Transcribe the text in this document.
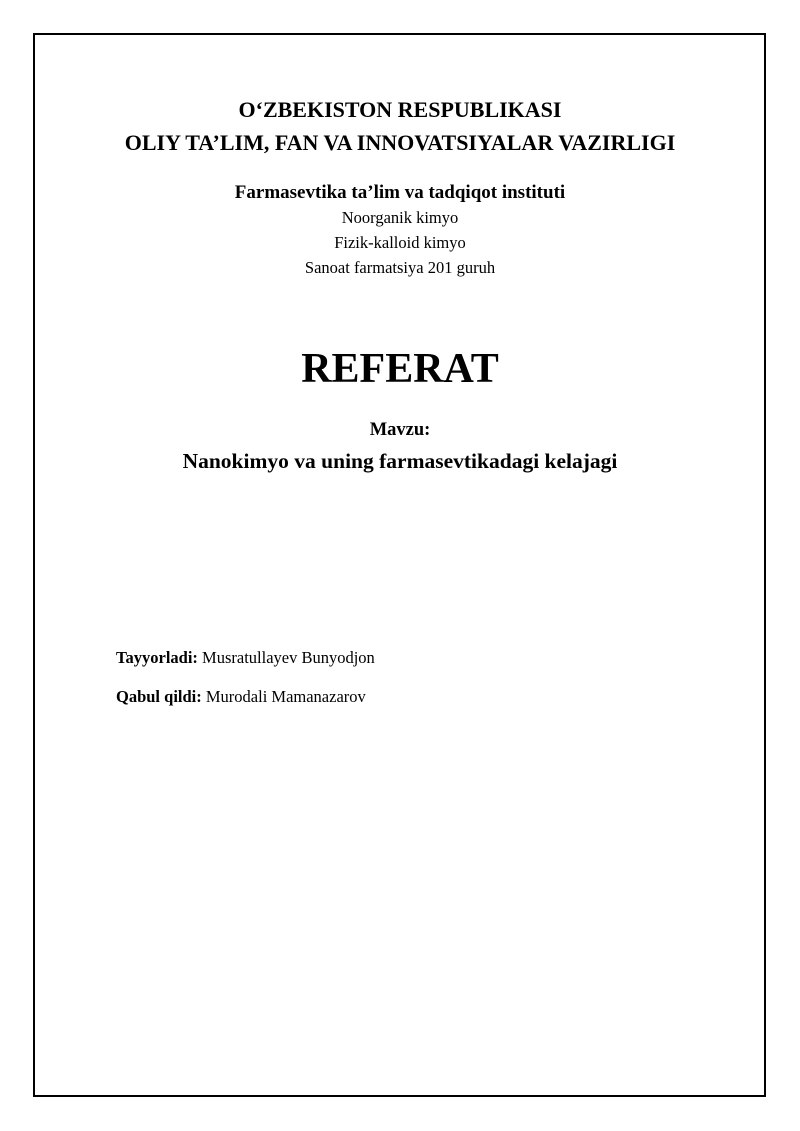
O‘ZBEKISTON RESPUBLIKASI
OLIY TA’LIM, FAN VA INNOVATSIYALAR VAZIRLIGI
Farmasevtika ta’lim va tadqiqot instituti
Noorganik kimyo
Fizik-kalloid kimyo
Sanoat farmatsiya 201 guruh
REFERAT
Mavzu:
Nanokimyo va uning farmasevtikadagi kelajagi
Tayyorladi: Musratullayev Bunyodjon
Qabul qildi: Murodali Mamanazarov
